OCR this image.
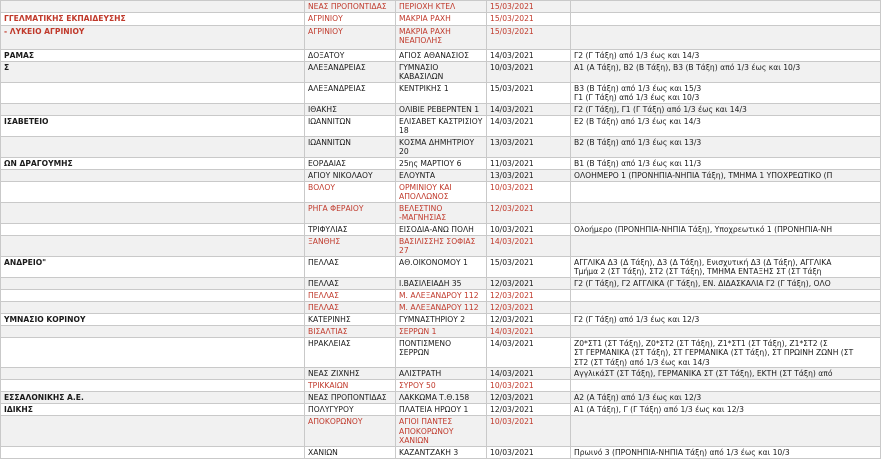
	ΝΕΑΣ ΠΡΟΠΟΝΤΙΔΑΣ	ΠΕΡΙΟΧΗ ΚΤΕΛ	15/03/2021	
ΓΓΕΛΜΑΤΙΚΗΣ ΕΚΠΑΙΔΕΥΣΗΣ	ΑΓΡΙΝΙΟΥ	ΜΑΚΡΙΑ ΡΑΧΗ	15/03/2021	
- ΛΥΚΕΙΟ ΑΓΡΙΝΙΟΥ	ΑΓΡΙΝΙΟΥ	ΜΑΚΡΙΑ ΡΑΧΗ ΝΕΑΠΟΛΗΣ	15/03/2021	
ΡΑΜΑΣ	ΔΟΞΑΤΟΥ	ΑΓΙΟΣ ΑΘΑΝΑΣΙΟΣ	14/03/2021	Γ2 (Γ Τάξη) από 1/3 έως και 14/3
Σ	ΑΛΕΞΑΝΔΡΕΙΑΣ	ΓΥΜΝΑΣΙΟ ΚΑΒΑΣΙΛΩΝ	10/03/2021	Α1 (Α Τάξη), Β2 (Β Τάξη), Β3 (Β Τάξη) από 1/3 έως και 10/3
	ΑΛΕΞΑΝΔΡΕΙΑΣ	ΚΕΝΤΡΙΚΗΣ 1	15/03/2021	Β3 (Β Τάξη) από 1/3 έως και 15/3
Γ1 (Γ Τάξη) από 1/3 έως και 10/3
	ΙΘΑΚΗΣ	ΟΛΙΒΙΕ ΡΕΒΕΡΝΤΕΝ 1	14/03/2021	Γ2 (Γ Τάξη), Γ1 (Γ Τάξη) από 1/3 έως και 14/3
ΙΣΑΒΕΤΕΙΟ	ΙΩΑΝΝΙΤΩΝ	ΕΛΙΣΑΒΕΤ ΚΑΣΤΡΙΣΙΟΥ 18	14/03/2021	Ε2 (Β Τάξη) από 1/3 έως και 14/3
	ΙΩΑΝΝΙΤΩΝ	ΚΟΣΜΑ ΔΗΜΗΤΡΙΟΥ 20	13/03/2021	Β2 (Β Τάξη) από 1/3 έως και 13/3
ΩΝ ΔΡΑΓΟΥΜΗΣ	ΕΟΡΔΑΙΑΣ	25ης ΜΑΡΤΙΟΥ 6	11/03/2021	Β1 (Β Τάξη) από 1/3 έως και 11/3
	ΑΓΙΟΥ ΝΙΚΟΛΑΟΥ	ΕΛΟΥΝΤΑ	13/03/2021	ΟΛΟΗΜΕΡΟ 1 (ΠΡΟΝΗΠΙΑ-ΝΗΠΙΑ Τάξη), ΤΜΗΜΑ 1 ΥΠΟΧΡΕΩΤΙΚΟ (Π
	ΒΟΛΟΥ	ΟΡΜΙΝΙΟΥ ΚΑΙ ΑΠΟΛΛΩΝΟΣ	10/03/2021	
	ΡΗΓΑ ΦΕΡΑΙΟΥ	ΒΕΛΕΣΤΙΝΟ -ΜΑΓΝΗΣΙΑΣ	12/03/2021	
	ΤΡΙΦΥΛΙΑΣ	ΕΙΣΟΔΙΑ-ΑΝΩ ΠΟΛΗ	10/03/2021	Ολοήμερο (ΠΡΟΝΗΠΙΑ-ΝΗΠΙΑ Τάξη), Υποχρεωτικό 1 (ΠΡΟΝΗΠΙΑ-ΝΗ
	ΞΑΝΘΗΣ	ΒΑΣΙΛΙΣΣΗΣ ΣΟΦΙΑΣ 27	14/03/2021	
ΑΝΔΡΕΙΟ"	ΠΕΛΛΑΣ	ΑΘ.ΟΙΚΟΝΟΜΟΥ 1	15/03/2021	ΑΓΓΛΙΚΑ Δ3 (Δ Τάξη), Δ3 (Δ Τάξη), Ενισχυτική Δ3 (Δ Τάξη), ΑΓΓΛΙΚΑ
Τμήμα 2 (ΣΤ Τάξη), ΣΤ2 (ΣΤ Τάξη), ΤΜΗΜΑ ΕΝΤΑΞΗΣ ΣΤ (ΣΤ Τάξη
	ΠΕΛΛΑΣ	Ι.ΒΑΣΙΛΕΙΑΔΗ 35	12/03/2021	Γ2 (Γ Τάξη), Γ2 ΑΓΓΛΙΚΑ (Γ Τάξη), ΕΝ. ΔΙΔΑΣΚΑΛΙΑ Γ2 (Γ Τάξη), ΟΛΟ
	ΠΕΛΛΑΣ	Μ. ΑΛΕΞΑΝΔΡΟΥ 112	12/03/2021	
	ΠΕΛΛΑΣ	Μ. ΑΛΕΞΑΝΔΡΟΥ 112	12/03/2021	
ΥΜΝΑΣΙΟ ΚΟΡΙΝΟΥ	ΚΑΤΕΡΙΝΗΣ	ΓΥΜΝΑΣΤΗΡΙΟΥ 2	12/03/2021	Γ2 (Γ Τάξη) από 1/3 έως και 12/3
	ΒΙΣΑΛΤΙΑΣ	ΣΕΡΡΩΝ 1	14/03/2021	
	ΗΡΑΚΛΕΙΑΣ	ΠΟΝΤΙΣΜΕΝΟ ΣΕΡΡΩΝ	14/03/2021	Ζ0*ΣΤ1 (ΣΤ Τάξη), Ζ0*ΣΤ2 (ΣΤ Τάξη), Ζ1*ΣΤ1 (ΣΤ Τάξη), Ζ1*ΣΤ2 (Σ
ΣΤ ΓΕΡΜΑΝΙΚΑ (ΣΤ Τάξη), ΣΤ ΓΕΡΜΑΝΙΚΑ (ΣΤ Τάξη), ΣΤ ΠΡΩΙΝΗ ΖΩΝΗ (ΣΤ
ΣΤ2 (ΣΤ Τάξη) από 1/3 έως και 14/3
	ΝΕΑΣ ΖΙΧΝΗΣ	ΑΛΙΣΤΡΑΤΗ	14/03/2021	ΑγγλικάΣΤ (ΣΤ Τάξη), ΓΕΡΜΑΝΙΚΑ ΣΤ (ΣΤ Τάξη), ΕΚΤΗ (ΣΤ Τάξη) από
	ΤΡΙΚΚΑΙΩΝ	ΣΥΡΟΥ 50	10/03/2021	
ΕΣΣΑΛΟΝΙΚΗΣ Α.Ε.	ΝΕΑΣ ΠΡΟΠΟΝΤΙΔΑΣ	ΛΑΚΚΩΜΑ Τ.Θ.158	12/03/2021	Α2 (Α Τάξη) από 1/3 έως και 12/3
ΙΔΙΚΗΣ	ΠΟΛΥΓΥΡΟΥ	ΠΛΑΤΕΙΑ ΗΡΩΟΥ 1	12/03/2021	Α1 (Α Τάξη), Γ (Γ Τάξη) από 1/3 έως και 12/3
	ΑΠΟΚΟΡΩΝΟΥ	ΑΓΙΟΙ ΠΑΝΤΕΣ ΑΠΟΚΟΡΩΝΟΥ ΧΑΝΙΩΝ	10/03/2021	
	ΧΑΝΙΩΝ	ΚΑΖΑΝΤΖΑΚΗ 3	10/03/2021	Πρωινό 3 (ΠΡΟΝΗΠΙΑ-ΝΗΠΙΑ Τάξη) από 1/3 έως και 10/3
